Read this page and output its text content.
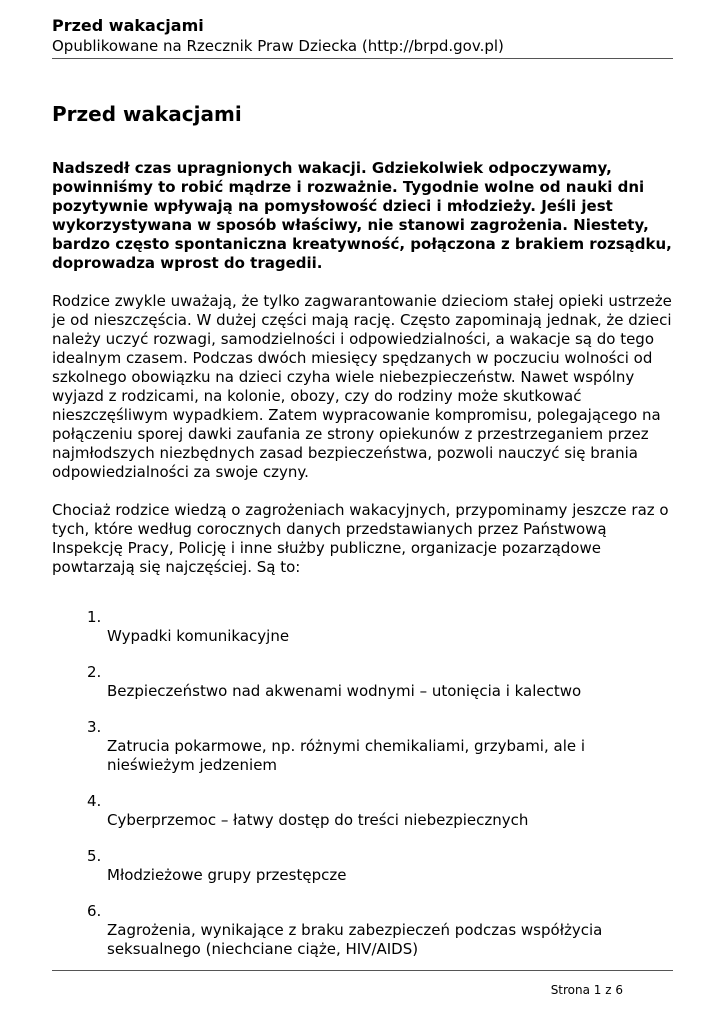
Przed wakacjami
Opublikowane na Rzecznik Praw Dziecka (http://brpd.gov.pl)
Przed wakacjami

Nadszedł czas upragnionych wakacji. Gdziekolwiek odpoczywamy, powinniśmy to robić mądrze i rozważnie. Tygodnie wolne od nauki dni pozytywnie wpływają na pomysłowość dzieci i młodzieży. Jeśli jest wykorzystywana w sposób właściwy, nie stanowi zagrożenia. Niestety, bardzo często spontaniczna kreatywność, połączona z brakiem rozsądku, doprowadza wprost do tragedii.

Rodzice zwykle uważają, że tylko zagwarantowanie dzieciom stałej opieki ustrzeże je od nieszczęścia. W dużej części mają rację. Często zapominają jednak, że dzieci należy uczyć rozwagi, samodzielności i odpowiedzialności, a wakacje są do tego idealnym czasem. Podczas dwóch miesięcy spędzanych w poczuciu wolności od szkolnego obowiązku na dzieci czyha wiele niebezpieczeństw. Nawet wspólny wyjazd z rodzicami, na kolonie, obozy, czy do rodziny może skutkować nieszczęśliwym wypadkiem. Zatem wypracowanie kompromisu, polegającego na połączeniu sporej dawki zaufania ze strony opiekunów z przestrzeganiem przez najmłodszych niezbędnych zasad bezpieczeństwa, pozwoli nauczyć się brania odpowiedzialności za swoje czyny.

Chociaż rodzice wiedzą o zagrożeniach wakacyjnych, przypominamy jeszcze raz o tych, które według corocznych danych przedstawianych przez Państwową Inspekcję Pracy, Policję i inne służby publiczne, organizacje pozarządowe powtarzają się najczęściej. Są to:

1.
Wypadki komunikacyjne
2.
Bezpieczeństwo nad akwenami wodnymi – utonięcia i kalectwo
3.
Zatrucia pokarmowe, np. różnymi chemikaliami, grzybami, ale i nieświeżym jedzeniem
4.
Cyberprzemoc – łatwy dostęp do treści niebezpiecznych
5.
Młodzieżowe grupy przestępcze
6.
Zagrożenia, wynikające z braku zabezpieczeń podczas współżycia seksualnego (niechciane ciąże, HIV/AIDS)
Strona 1 z 6
